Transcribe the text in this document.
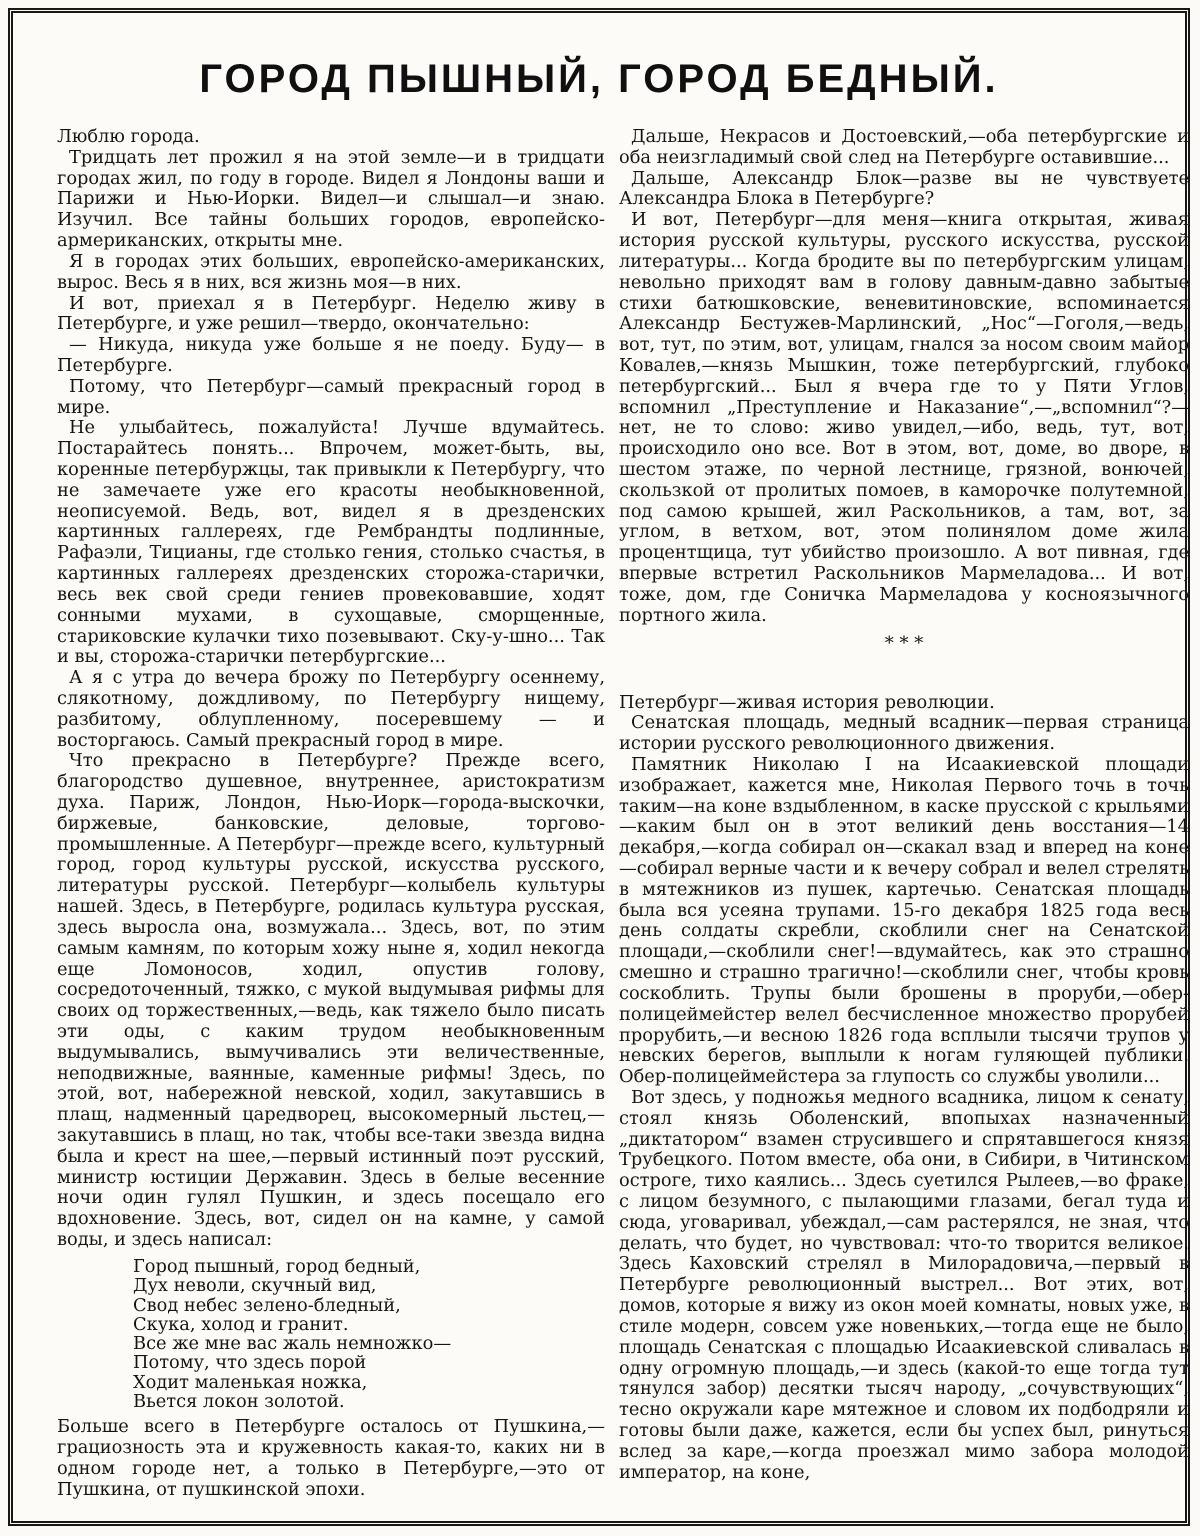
ГОРОД ПЫШНЫЙ, ГОРОД БЕДНЫЙ.

Люблю города.

Тридцать лет прожил я на этой земле—и в тридцати городах жил, по году в городе. Видел я Лондоны ваши и Парижи и Нью-Иорки. Видел—и слышал—и знаю. Изучил. Все тайны больших городов, европейско-армериканских, открыты мне.

Я в городах этих больших, европейско-американских, вырос. Весь я в них, вся жизнь моя—в них.

И вот, приехал я в Петербург. Неделю живу в Петербурге, и уже решил—твердо, окончательно:

— Никуда, никуда уже больше я не поеду. Буду— в Петербурге.

Потому, что Петербург—самый прекрасный город в мире.

Не улыбайтесь, пожалуйста! Лучше вдумайтесь. Постарайтесь понять... Впрочем, может-быть, вы, коренные петербуржцы, так привыкли к Петербургу, что не замечаете уже его красоты необыкновенной, неописуемой. Ведь, вот, видел я в дрезденских картинных галлереях, где Рембрандты подлинные, Рафаэли, Тицианы, где столько гения, столько счастья, в картинных галлереях дрезденских сторожа-старички, весь век свой среди гениев провековавшие, ходят сонными мухами, в сухощавые, сморщенные, стариковские кулачки тихо позевывают. Ску-у-шно... Так и вы, сторожа-старички петербургские...

А я с утра до вечера брожу по Петербургу осеннему, слякотному, дождливому, по Петербургу нищему, разбитому, облупленному, посеревшему — и восторгаюсь. Самый прекрасный город в мире.

Что прекрасно в Петербурге? Прежде всего, благородство душевное, внутреннее, аристократизм духа. Париж, Лондон, Нью-Иорк—города-выскочки, биржевые, банковские, деловые, торгово-промышленные. А Петербург—прежде всего, культурный город, город культуры русской, искусства русского, литературы русской. Петербург—колыбель культуры нашей. Здесь, в Петербурге, родилась культура русская, здесь выросла она, возмужала... Здесь, вот, по этим самым камням, по которым хожу ныне я, ходил некогда еще Ломоносов, ходил, опустив голову, сосредоточенный, тяжко, с мукой выдумывая рифмы для своих од торжественных,—ведь, как тяжело было писать эти оды, с каким трудом необыкновенным выдумывались, вымучивались эти величественные, неподвижные, ваянные, каменные рифмы! Здесь, по этой, вот, набережной невской, ходил, закутавшись в плащ, надменный царедворец, высокомерный льстец,—закутавшись в плащ, но так, чтобы все-таки звезда видна была и крест на шее,—первый истинный поэт русский, министр юстиции Державин. Здесь в белые весенние ночи один гулял Пушкин, и здесь посещало его вдохновение. Здесь, вот, сидел он на камне, у самой воды, и здесь написал:

Город пышный, город бедный,
Дух неволи, скучный вид,
Свод небес зелено-бледный,
Скука, холод и гранит.
Все же мне вас жаль немножко—
Потому, что здесь порой
Ходит маленькая ножка,
Вьется локон золотой.

Больше всего в Петербурге осталось от Пушкина,—грациозность эта и кружевность какая-то, каких ни в одном городе нет, а только в Петербурге,—это от Пушкина, от пушкинской эпохи.

Дальше, Некрасов и Достоевский,—оба петербургские и оба неизгладимый свой след на Петербурге оставившие...

Дальше, Александр Блок—разве вы не чувствуете Александра Блока в Петербурге?

И вот, Петербург—для меня—книга открытая, живая история русской культуры, русского искусства, русской литературы... Когда бродите вы по петербургским улицам, невольно приходят вам в голову давным-давно забытые стихи батюшковские, веневитиновские, вспоминается Александр Бестужев-Марлинский, „Нос“—Гоголя,—ведь, вот, тут, по этим, вот, улицам, гнался за носом своим майор Ковалев,—князь Мышкин, тоже петербургский, глубоко петербургский... Был я вчера где то у Пяти Углов, вспомнил „Преступление и Наказание“,—„вспомнил“?—нет, не то слово: живо увидел,—ибо, ведь, тут, вот, происходило оно все. Вот в этом, вот, доме, во дворе, в шестом этаже, по черной лестнице, грязной, вонючей, скользкой от пролитых помоев, в каморочке полутемной, под самою крышей, жил Раскольников, а там, вот, за углом, в ветхом, вот, этом полинялом доме жила процентщица, тут убийство произошло. А вот пивная, где впервые встретил Раскольников Мармеладова... И вот, тоже, дом, где Соничка Мармеладова у косноязычного портного жила.

* * *

Петербург—живая история революции.

Сенатская площадь, медный всадник—первая страница истории русского революционного движения.

Памятник Николаю I на Исаакиевской площади изображает, кажется мне, Николая Первого точь в точь таким—на коне вздыбленном, в каске прусской с крыльями—каким был он в этот великий день восстания—14 декабря,—когда собирал он—скакал взад и вперед на коне—собирал верные части и к вечеру собрал и велел стрелять в мятежников из пушек, картечью. Сенатская площадь была вся усеяна трупами. 15-го декабря 1825 года весь день солдаты скребли, скоблили снег на Сенатской площади,—скоблили снег!—вдумайтесь, как это страшно смешно и страшно трагично!—скоблили снег, чтобы кровь соскоблить. Трупы были брошены в проруби,—обер-полицеймейстер велел бесчисленное множество прорубей прорубить,—и весною 1826 года всплыли тысячи трупов у невских берегов, выплыли к ногам гуляющей публики. Обер-полицеймейстера за глупость со службы уволили...

Вот здесь, у подножья медного всадника, лицом к сенату, стоял князь Оболенский, впопыхах назначенный „диктатором“ взамен струсившего и спрятавшегося князя Трубецкого. Потом вместе, оба они, в Сибири, в Читинском остроге, тихо каялись... Здесь суетился Рылеев,—во фраке, с лицом безумного, с пылающими глазами, бегал туда и сюда, уговаривал, убеждал,—сам растерялся, не зная, что делать, что будет, но чувствовал: что-то творится великое. Здесь Каховский стрелял в Милорадовича,—первый в Петербурге революционный выстрел... Вот этих, вот, домов, которые я вижу из окон моей комнаты, новых уже, в стиле модерн, совсем уже новеньких,—тогда еще не было, площадь Сенатская с площадью Исаакиевской сливалась в одну огромную площадь,—и здесь (какой-то еще тогда тут тянулся забор) десятки тысяч народу, „сочувствующих“, тесно окружали каре мятежное и словом их подбодряли и готовы были даже, кажется, если бы успех был, ринуться вслед за каре,—когда проезжал мимо забора молодой император, на коне,
